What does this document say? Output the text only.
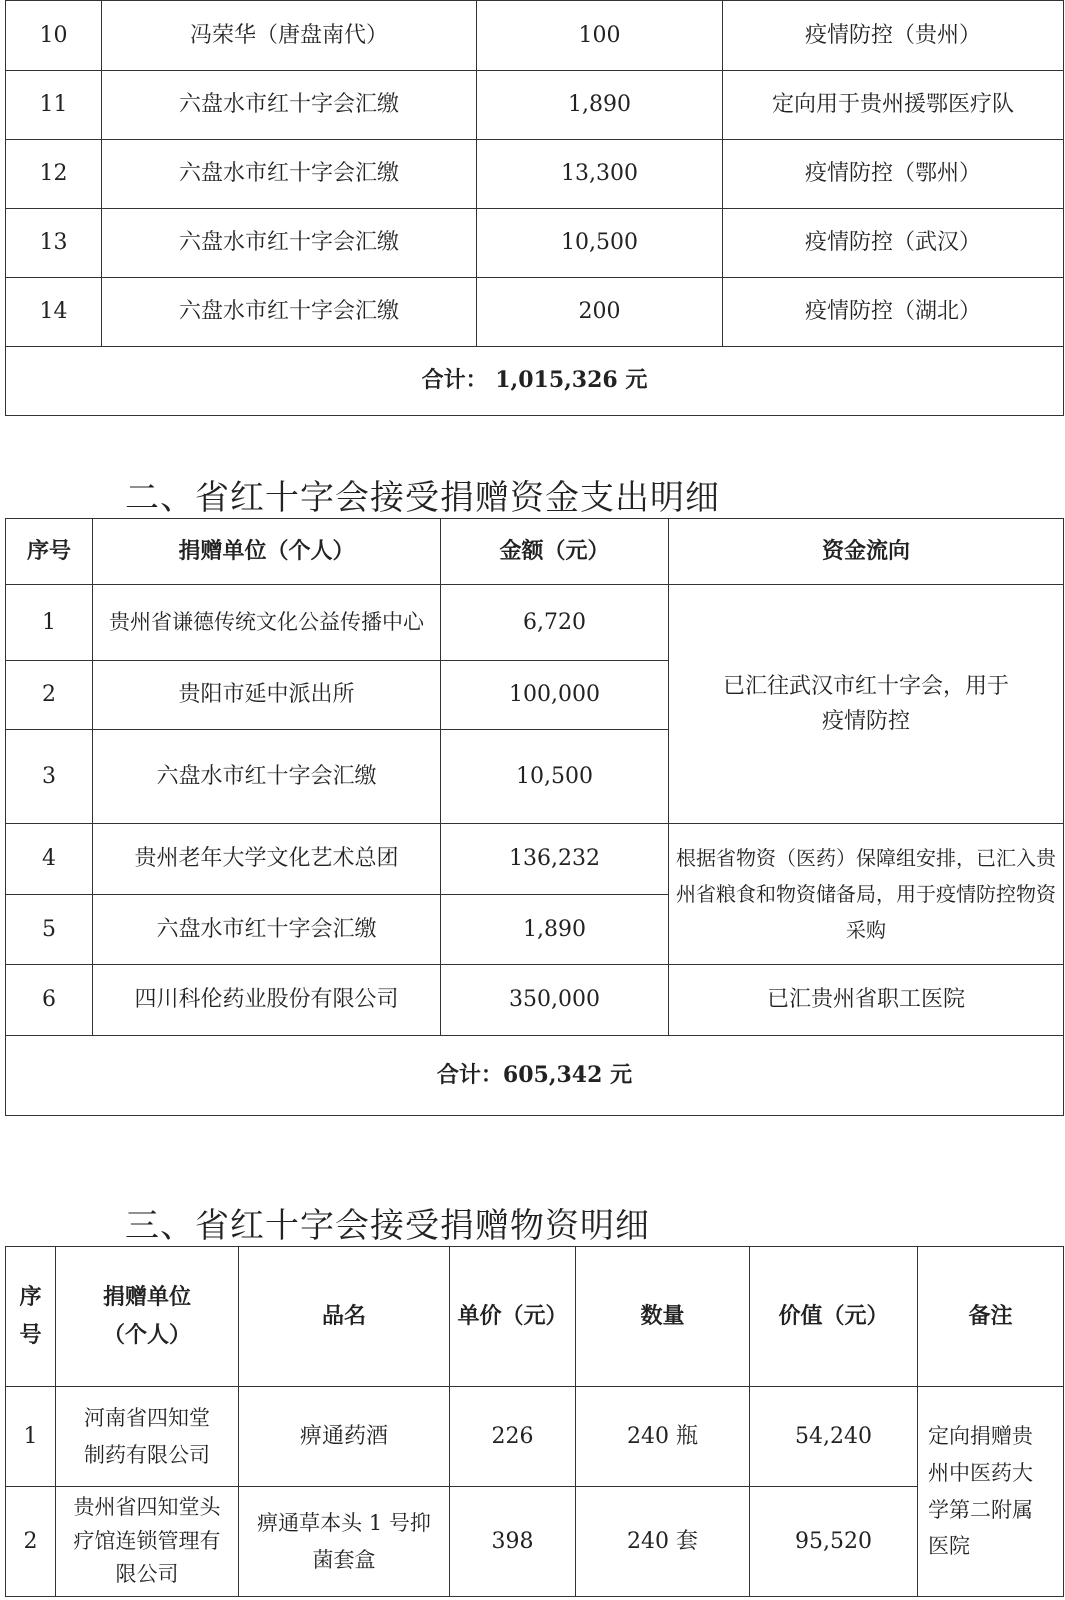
10	冯荣华（唐盘南代）	100	疫情防控（贵州）
11	六盘水市红十字会汇缴	1,890	定向用于贵州援鄂医疗队
12	六盘水市红十字会汇缴	13,300	疫情防控（鄂州）
13	六盘水市红十字会汇缴	10,500	疫情防控（武汉）
14	六盘水市红十字会汇缴	200	疫情防控（湖北）
合计： 1,015,326 元			
二、省红十字会接受捐赠资金支出明细
序号	捐赠单位（个人）	金额（元）	资金流向
1	贵州省谦德传统文化公益传播中心	6,720	已汇往武汉市红十字会，用于疫情防控
2	贵阳市延中派出所	100,000	
3	六盘水市红十字会汇缴	10,500	
4	贵州老年大学文化艺术总团	136,232	根据省物资（医药）保障组安排，已汇入贵州省粮食和物资储备局，用于疫情防控物资采购
5	六盘水市红十字会汇缴	1,890	
6	四川科伦药业股份有限公司	350,000	已汇贵州省职工医院
合计：605,342 元			
三、省红十字会接受捐赠物资明细
序号	捐赠单位（个人）	品名	单价（元）	数量	价值（元）	备注
1	河南省四知堂制药有限公司	痹通药酒	226	240 瓶	54,240	定向捐赠贵州中医药大学第二附属医院
2	贵州省四知堂头疗馆连锁管理有限公司	痹通草本头 1 号抑菌套盒	398	240 套	95,520	
